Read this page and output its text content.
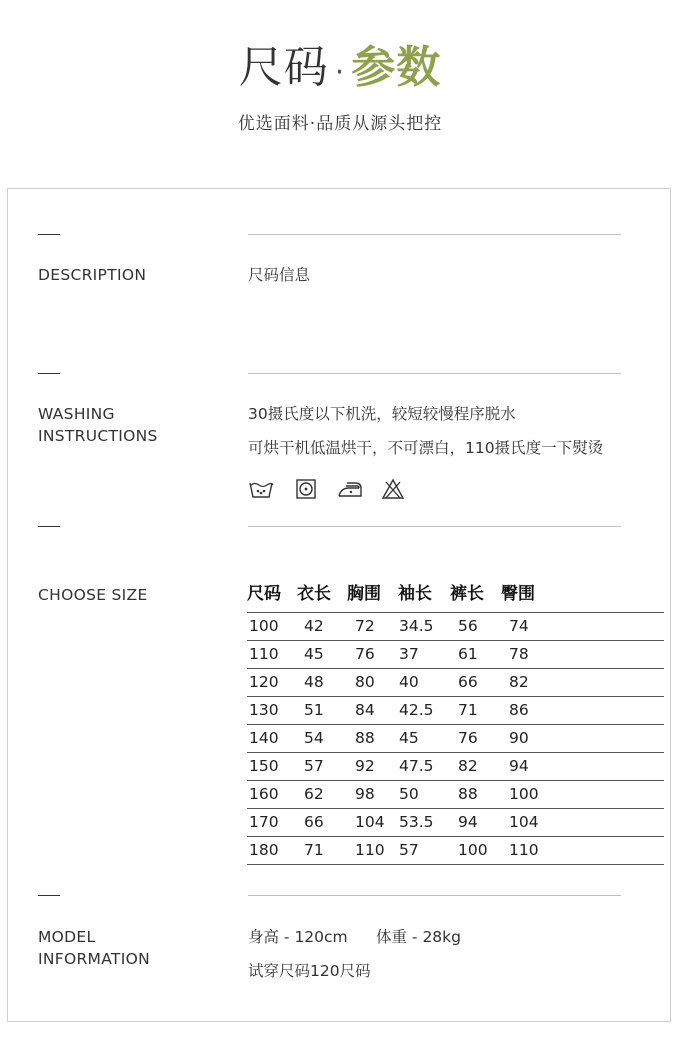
尺码 · 参数
优选面料·品质从源头把控
DESCRIPTION	尺码信息
WASHING
INSTRUCTIONS
30摄氏度以下机洗，较短较慢程序脱水
可烘干机低温烘干，不可漂白，110摄氏度一下熨烫
CHOOSE SIZE	尺码 衣长 胸围 袖长 裤长 臀围
100 42 72 34.5 56 74
110 45 76 37	61 78
120 48 80 40	66 82
130 51 84 42.5 71 86
140 54 88 45	76 90
150 57 92 47.5 82 94
160 62 98 50	88 100
170 66 104 53.5 94 104
180 71 110 57	100 110
MODEL
INFORMATION
身高 - 120cm 体重 - 28kg
试穿尺码120尺码
